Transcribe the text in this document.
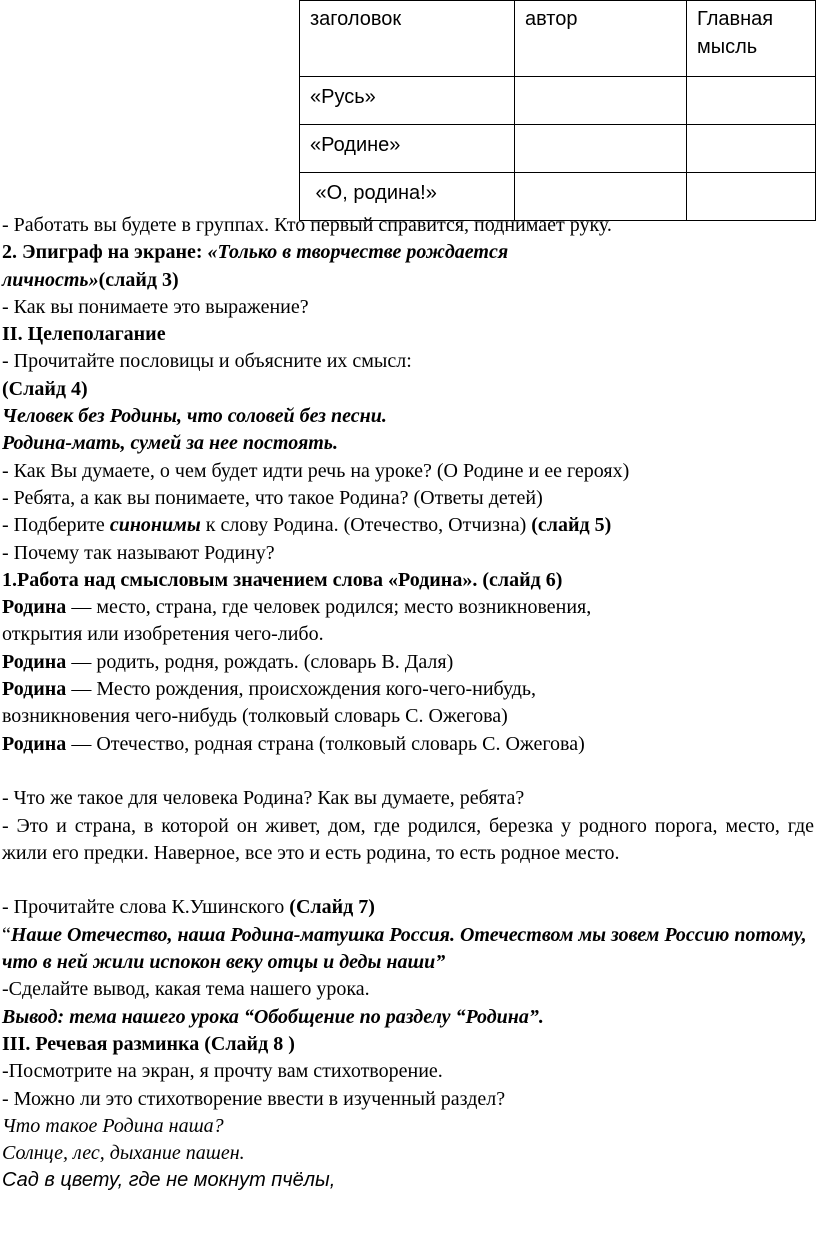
заголовок	автор	Главная мысль
«Русь»		
«Родине»		
«О, родина!»		
- Работать вы будете в группах. Кто первый справится, поднимает руку.
2. Эпиграф на экране: «Только в творчестве рождается
личность»(слайд 3)
- Как вы понимаете это выражение?
II. Целеполагание
- Прочитайте пословицы и объясните их смысл:
(Слайд 4)
Человек без Родины, что соловей без песни.
Родина-мать, сумей за нее постоять.
- Как Вы думаете, о чем будет идти речь на уроке? (О Родине и ее героях)
- Ребята, а как вы понимаете, что такое Родина? (Ответы детей)
- Подберите синонимы к слову Родина. (Отечество, Отчизна) (слайд 5)
- Почему так называют Родину?
1.Работа над смысловым значением слова «Родина». (слайд 6)
Родина — место, страна, где человек родился; место возникновения,
открытия или изобретения чего-либо.
Родина — родить, родня, рождать. (словарь В. Даля)
Родина — Место рождения, происхождения кого-чего-нибудь,
возникновения чего-нибудь (толковый словарь С. Ожегова)
Родина — Отечество, родная страна (толковый словарь С. Ожегова)
- Что же такое для человека Родина? Как вы думаете, ребята?
- Это и страна, в которой он живет, дом, где родился, березка у родного порога, место, где жили его предки. Наверное, все это и есть родина, то есть родное место.
- Прочитайте слова К.Ушинского (Слайд 7)
“Наше Отечество, наша Родина-матушка Россия. Отечеством мы зовем Россию потому, что в ней жили испокон веку отцы и деды наши”
-Сделайте вывод, какая тема нашего урока.
Вывод: тема нашего урока “Обобщение по разделу “Родина”.
III. Речевая разминка (Слайд 8 )
-Посмотрите на экран, я прочту вам стихотворение.
- Можно ли это стихотворение ввести в изученный раздел?
Что такое Родина наша?
Солнце, лес, дыхание пашен.
Сад в цвету, где не мокнут пчёлы,
